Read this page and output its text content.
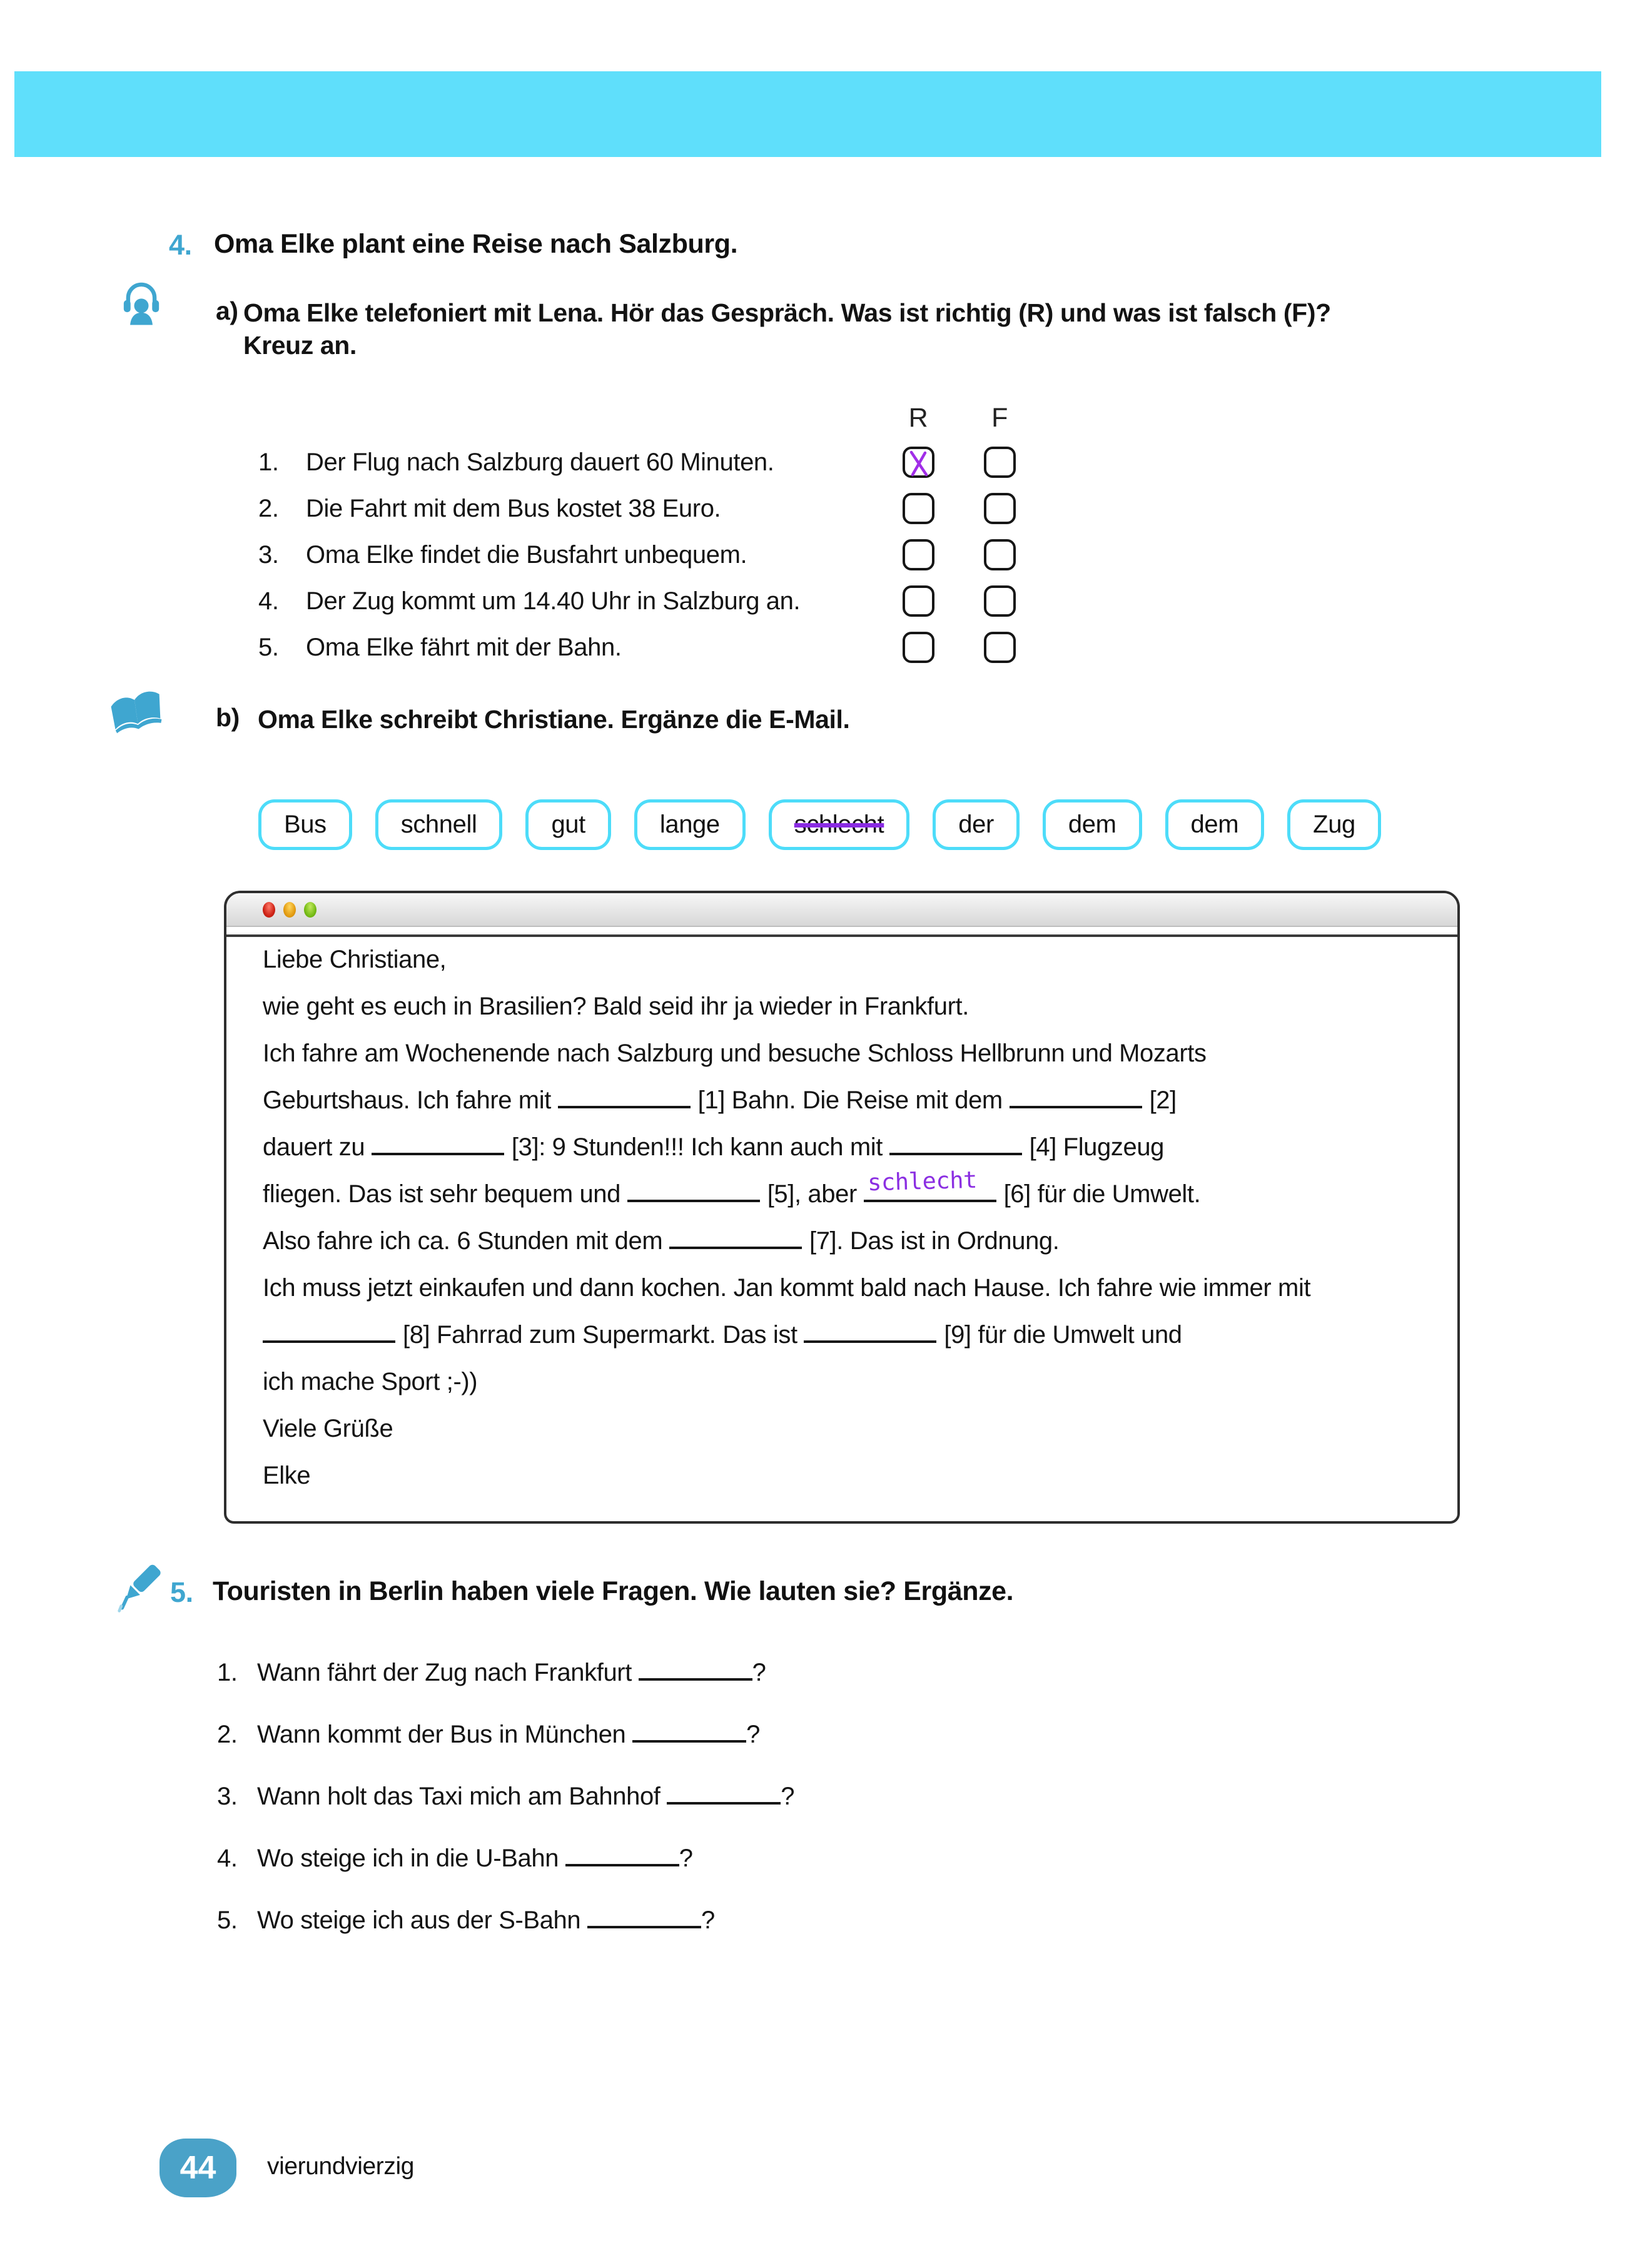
4. Oma Elke plant eine Reise nach Salzburg.
a) Oma Elke telefoniert mit Lena. Hör das Gespräch. Was ist richtig (R) und was ist falsch (F)?
Kreuz an.
R F
1.	Der Flug nach Salzburg dauert 60 Minuten.
2.	Die Fahrt mit dem Bus kostet 38 Euro.
3.	Oma Elke findet die Busfahrt unbequem.
4.	Der Zug kommt um 14.40 Uhr in Salzburg an.
5.	Oma Elke fährt mit der Bahn.
b) Oma Elke schreibt Christiane. Ergänze die E-Mail.
Bus	schnell	gut	lange	schlecht	der	dem	dem	Zug
Liebe Christiane,
wie geht es euch in Brasilien? Bald seid ihr ja wieder in Frankfurt.
Ich fahre am Wochenende nach Salzburg und besuche Schloss Hellbrunn und Mozarts
Geburtshaus. Ich fahre mit	[1] Bahn. Die Reise mit dem	[2]
dauert zu	[3]: 9 Stunden!!! Ich kann auch mit	[4] Flugzeug
fliegen. Das ist sehr bequem und	[5], aber schlecht [6] für die Umwelt.
Also fahre ich ca. 6 Stunden mit dem	[7]. Das ist in Ordnung.
Ich muss jetzt einkaufen und dann kochen. Jan kommt bald nach Hause. Ich fahre wie immer mit
[8] Fahrrad zum Supermarkt. Das ist	[9] für die Umwelt und
ich mache Sport ;-))
Viele Grüße
Elke
5. Touristen in Berlin haben viele Fragen. Wie lauten sie? Ergänze.
1. Wann fährt der Zug nach Frankfurt	?
2. Wann kommt der Bus in München	?
3. Wann holt das Taxi mich am Bahnhof	?
4. Wo steige ich in die U-Bahn	?
5. Wo steige ich aus der S-Bahn	?
44 vierundvierzig
